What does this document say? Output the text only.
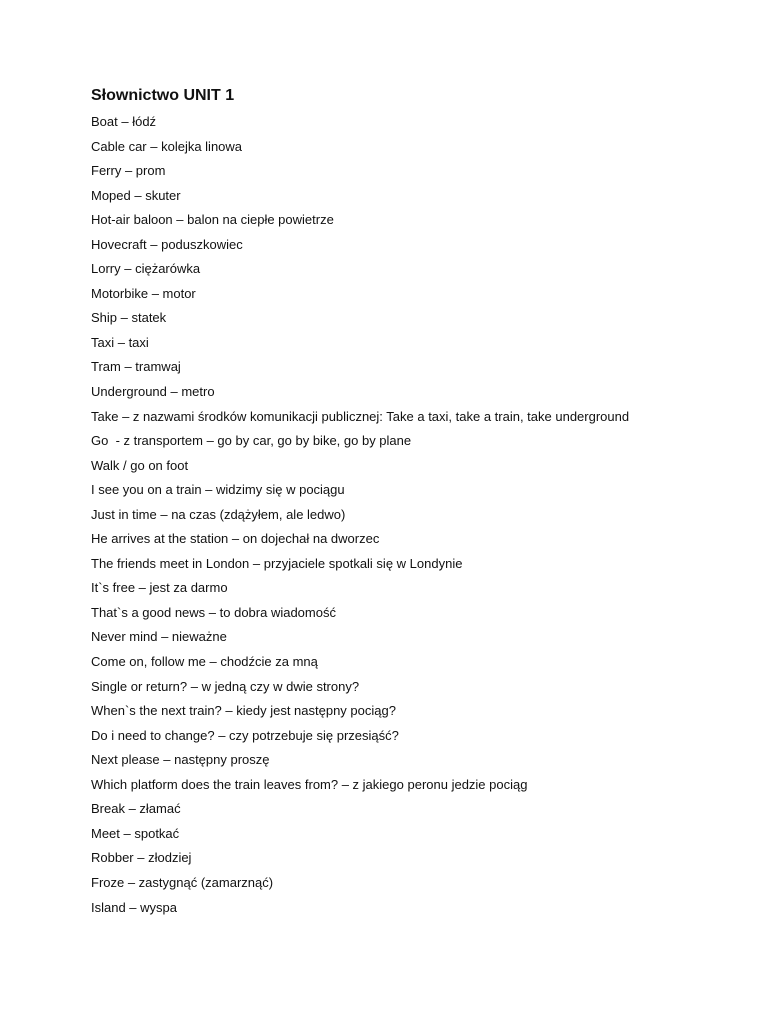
Słownictwo UNIT 1
Boat – łódź
Cable car – kolejka linowa
Ferry – prom
Moped – skuter
Hot-air baloon – balon na ciepłe powietrze
Hovecraft – poduszkowiec
Lorry – ciężarówka
Motorbike – motor
Ship – statek
Taxi – taxi
Tram – tramwaj
Underground – metro
Take – z nazwami środków komunikacji publicznej: Take a taxi, take a train, take underground
Go  - z transportem – go by car, go by bike, go by plane
Walk / go on foot
I see you on a train – widzimy się w pociągu
Just in time – na czas (zdążyłem, ale ledwo)
He arrives at the station – on dojechał na dworzec
The friends meet in London – przyjaciele spotkali się w Londynie
It`s free – jest za darmo
That`s a good news – to dobra wiadomość
Never mind – nieważne
Come on, follow me – chodźcie za mną
Single or return? – w jedną czy w dwie strony?
When`s the next train? – kiedy jest następny pociąg?
Do i need to change? – czy potrzebuje się przesiąść?
Next please – następny proszę
Which platform does the train leaves from? – z jakiego peronu jedzie pociąg
Break – złamać
Meet – spotkać
Robber – złodziej
Froze – zastygnąć (zamarznąć)
Island – wyspa
